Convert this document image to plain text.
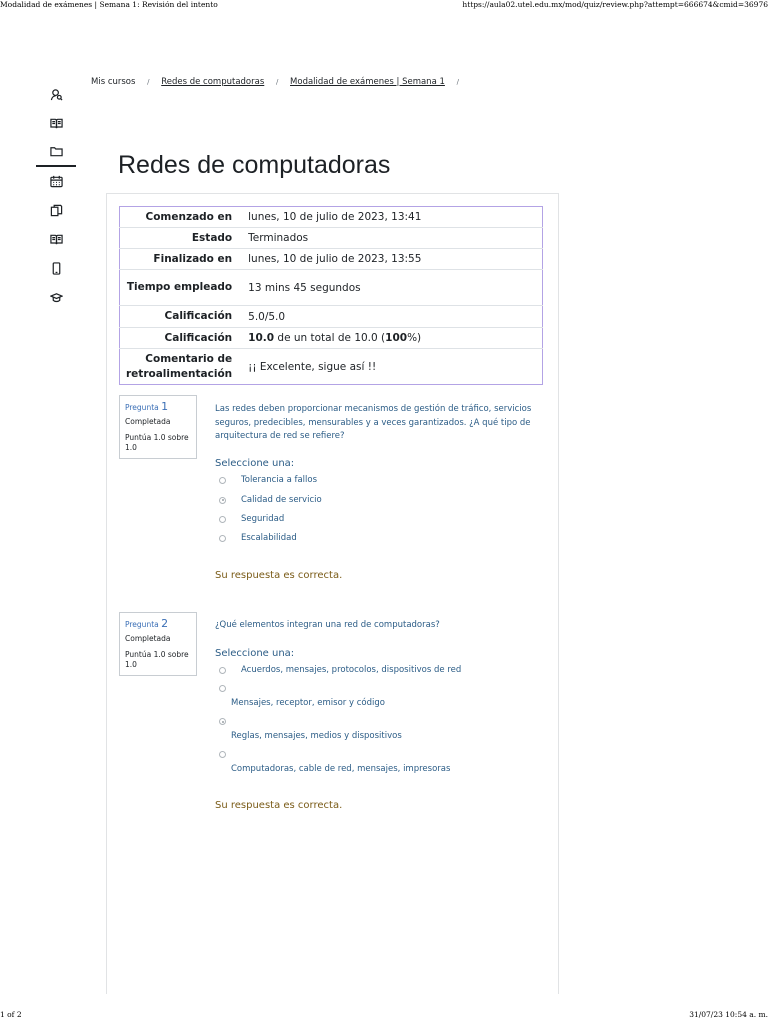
Modalidad de exámenes | Semana 1: Revisión del intento	https://aula02.utel.edu.mx/mod/quiz/review.php?attempt=666674&cmid=36976
Mis cursos / Redes de computadoras / Modalidad de exámenes | Semana 1 /
Redes de computadoras
Comenzado en	lunes, 10 de julio de 2023, 13:41
Estado	Terminados
Finalizado en	lunes, 10 de julio de 2023, 13:55
Tiempo empleado	13 mins 45 segundos
Calificación	5.0/5.0
Calificación	10.0 de un total de 10.0 (100%)
Comentario de retroalimentación	¡¡ Excelente, sigue así !!
Pregunta 1
Completada
Puntúa 1.0 sobre 1.0
Las redes deben proporcionar mecanismos de gestión de tráfico, servicios seguros, predecibles, mensurables y a veces garantizados. ¿A qué tipo de arquitectura de red se refiere?
Seleccione una:
Tolerancia a fallos
Calidad de servicio
Seguridad
Escalabilidad
Su respuesta es correcta.
Pregunta 2
Completada
Puntúa 1.0 sobre 1.0
¿Qué elementos integran una red de computadoras?
Seleccione una:
Acuerdos, mensajes, protocolos, dispositivos de red
Mensajes, receptor, emisor y código
Reglas, mensajes, medios y dispositivos
Computadoras, cable de red, mensajes, impresoras
Su respuesta es correcta.
1 of 2	31/07/23 10:54 a. m.
